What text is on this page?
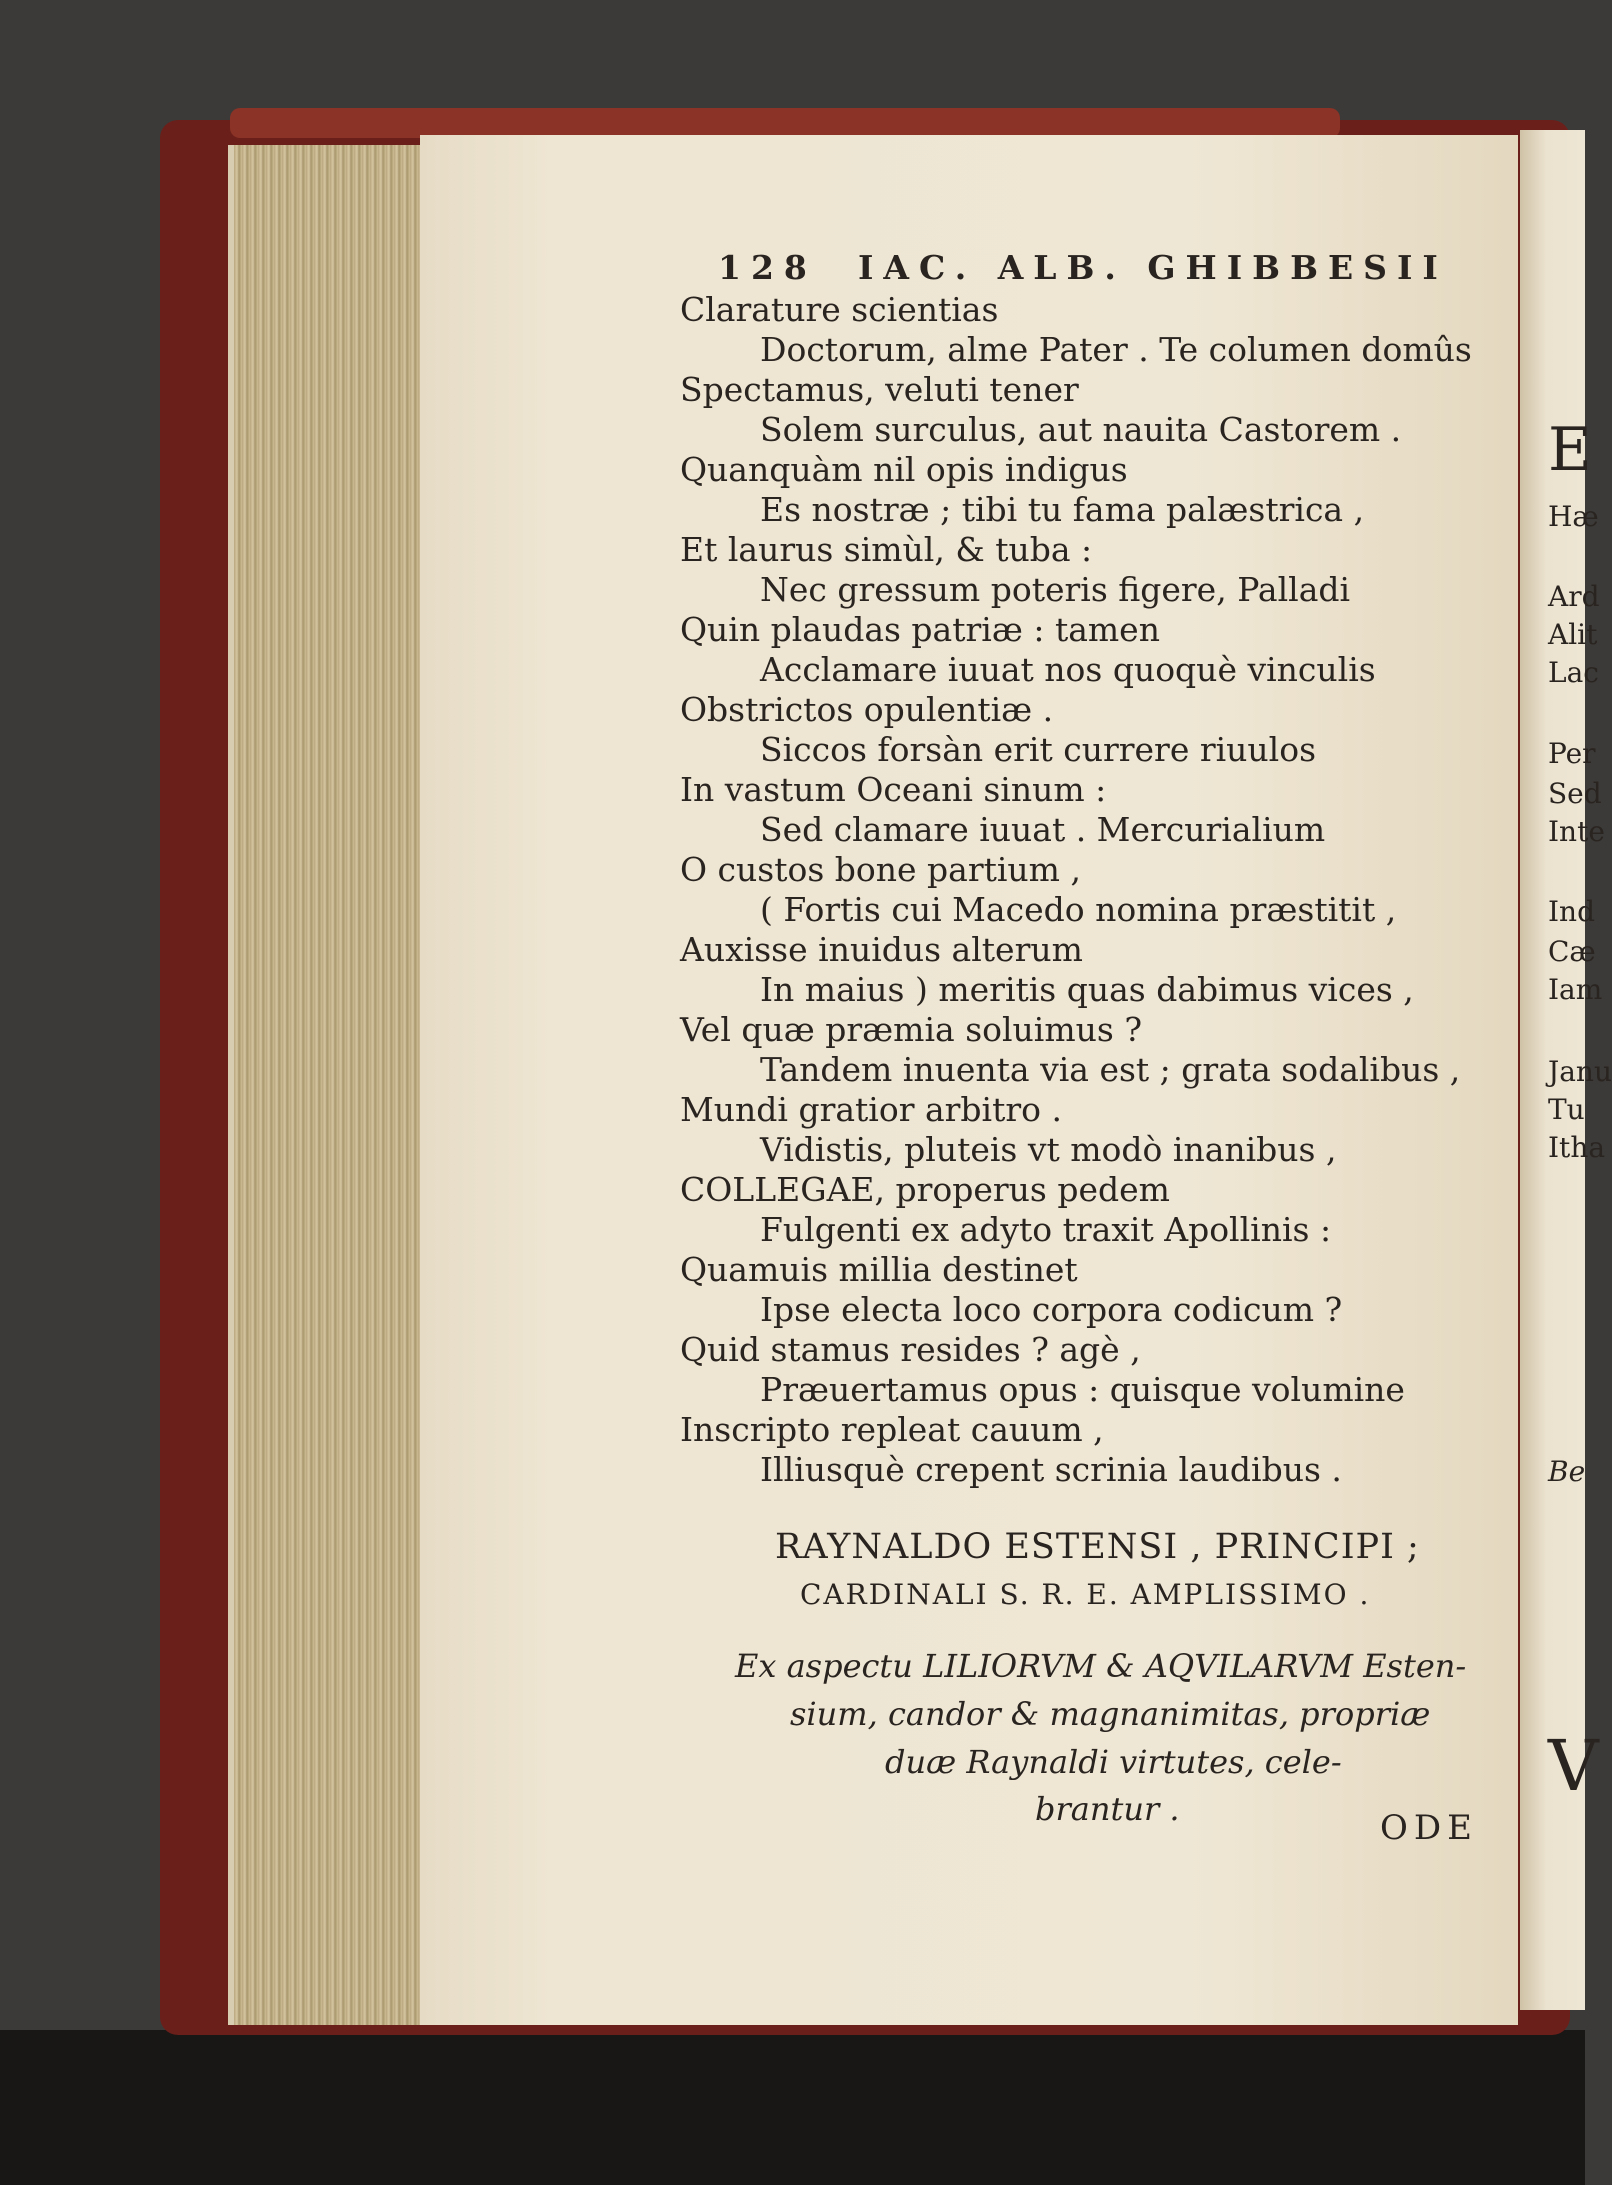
128 IAC. ALB. GHIBBESII
Clarature scientias
Doctorum, alme Pater . Te columen domûs
Spectamus, veluti tener
Solem surculus, aut nauita Castorem .
Quanquàm nil opis indigus
Es nostræ ; tibi tu fama palæstrica ,
Et laurus simùl, & tuba :
Nec gressum poteris figere, Palladi
Quin plaudas patriæ : tamen
Acclamare iuuat nos quoquè vinculis
Obstrictos opulentiæ .
Siccos forsàn erit currere riuulos
In vastum Oceani sinum :
Sed clamare iuuat . Mercurialium
O custos bone partium ,
( Fortis cui Macedo nomina præstitit ,
Auxisse inuidus alterum
In maius ) meritis quas dabimus vices ,
Vel quæ præmia soluimus ?
Tandem inuenta via est ; grata sodalibus ,
Mundi gratior arbitro .
Vidistis, pluteis vt modò inanibus ,
COLLEGAE, properus pedem
Fulgenti ex adyto traxit Apollinis :
Quamuis millia destinet
Ipse electa loco corpora codicum ?
Quid stamus resides ? agè ,
Præuertamus opus : quisque volumine
Inscripto repleat cauum ,
Illiusquè crepent scrinia laudibus .
RAYNALDO ESTENSI , PRINCIPI ;
CARDINALI S. R. E. AMPLISSIMO .
Ex aspectu LILIORVM & AQVILARVM Esten-
sium, candor & magnanimitas, propriæ
duæ Raynaldi virtutes, cele-
brantur .	ODE
E
Hæ
Ard
Alit
Lac
Per
Sed
Inte
Ind
Cæ
Iam
Janu
Tu
Itha
Be
V
